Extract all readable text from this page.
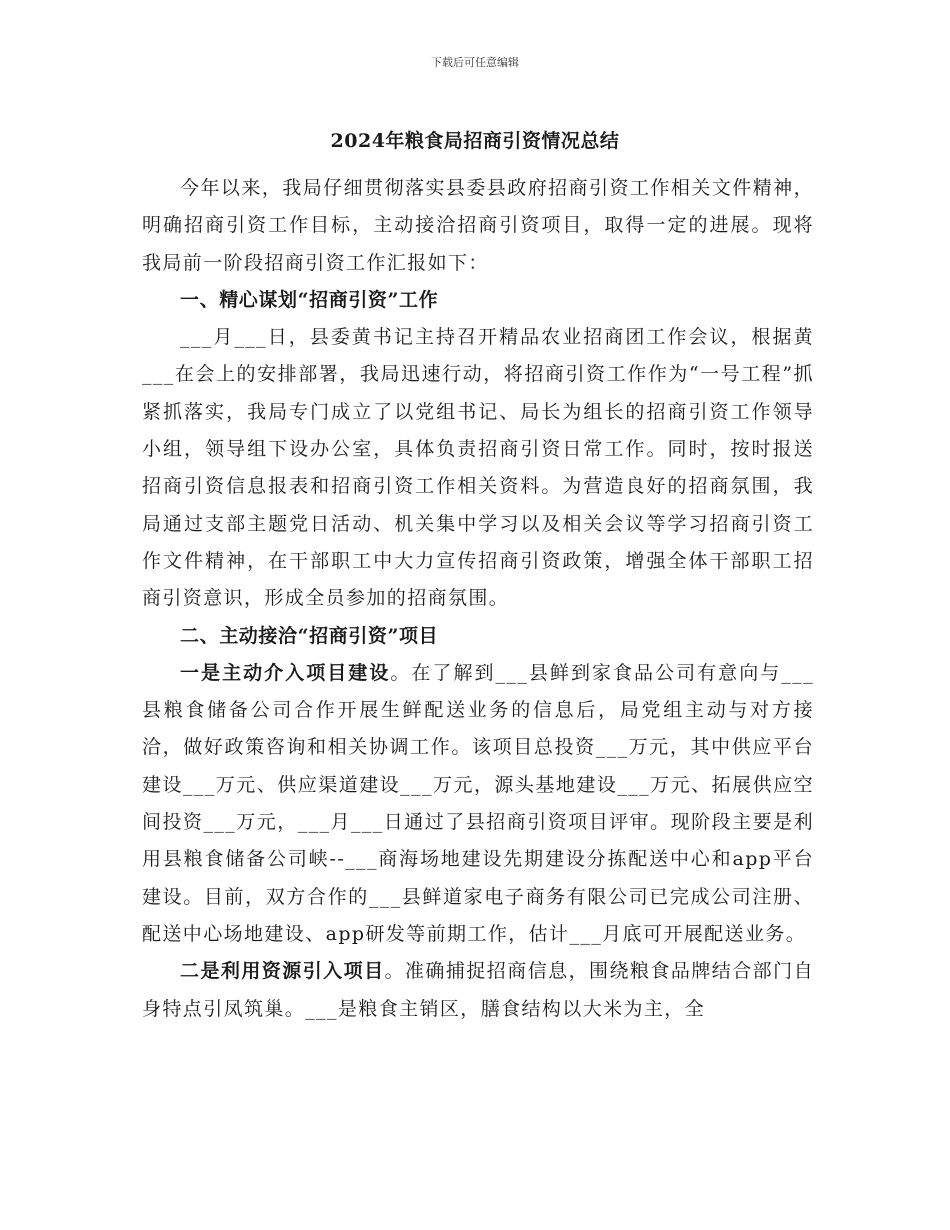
下载后可任意编辑
2024年粮食局招商引资情况总结

今年以来，我局仔细贯彻落实县委县政府招商引资工作相关文件精神，明确招商引资工作目标，主动接洽招商引资项目，取得一定的进展。现将我局前一阶段招商引资工作汇报如下：

一、精心谋划“招商引资”工作

___月___日，县委黄书记主持召开精品农业招商团工作会议，根据黄___在会上的安排部署，我局迅速行动，将招商引资工作作为“一号工程”抓紧抓落实，我局专门成立了以党组书记、局长为组长的招商引资工作领导小组，领导组下设办公室，具体负责招商引资日常工作。同时，按时报送招商引资信息报表和招商引资工作相关资料。为营造良好的招商氛围，我局通过支部主题党日活动、机关集中学习以及相关会议等学习招商引资工作文件精神，在干部职工中大力宣传招商引资政策，增强全体干部职工招商引资意识，形成全员参加的招商氛围。

二、主动接洽“招商引资”项目

一是主动介入项目建设。在了解到___县鲜到家食品公司有意向与___县粮食储备公司合作开展生鲜配送业务的信息后，局党组主动与对方接洽，做好政策咨询和相关协调工作。该项目总投资___万元，其中供应平台建设___万元、供应渠道建设___万元，源头基地建设___万元、拓展供应空间投资___万元，___月___日通过了县招商引资项目评审。现阶段主要是利用县粮食储备公司峡--___商海场地建设先期建设分拣配送中心和app平台建设。目前，双方合作的___县鲜道家电子商务有限公司已完成公司注册、配送中心场地建设、app研发等前期工作，估计___月底可开展配送业务。

二是利用资源引入项目。准确捕捉招商信息，围绕粮食品牌结合部门自身特点引凤筑巢。___是粮食主销区，膳食结构以大米为主，全
